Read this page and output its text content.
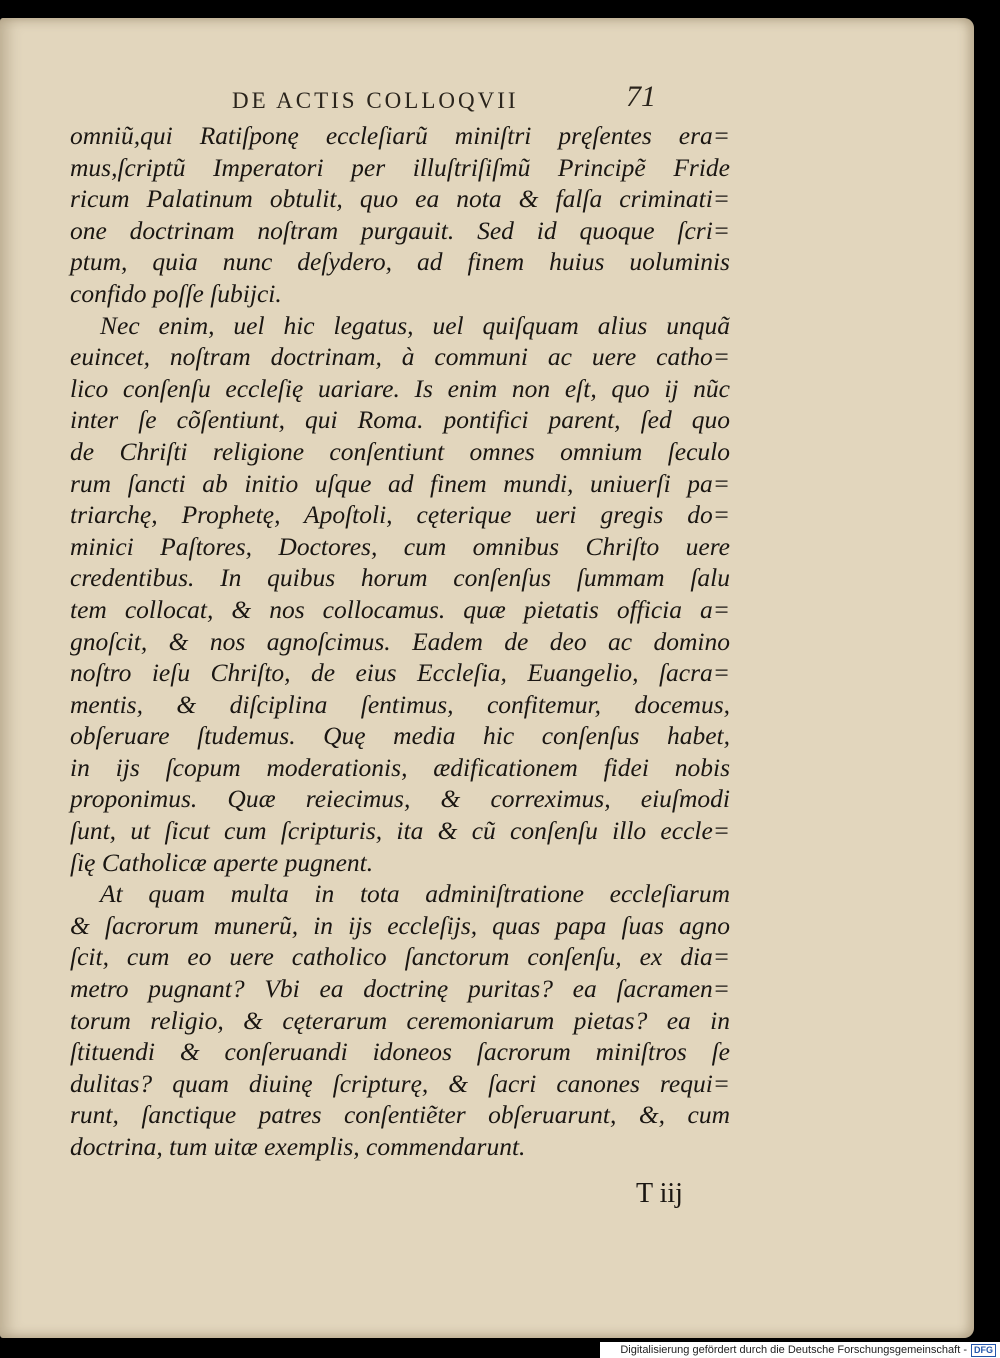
DE ACTIS COLLOQVII	71
omniũ,qui Ratiſponę eccleſiarũ miniſtri pręſentes era=
mus,ſcriptũ Imperatori per illuſtriſiſmũ Principẽ Fride
ricum Palatinum obtulit, quo ea nota & falſa criminati=
one doctrinam noſtram purgauit. Sed id quoque ſcri=
ptum, quia nunc deſydero, ad finem huius uoluminis
confido poſſe ſubijci.
Nec enim, uel hic legatus, uel quiſquam alius unquã
euincet, noſtram doctrinam, à communi ac uere catho=
lico conſenſu eccleſię uariare. Is enim non eſt, quo ij nũc
inter ſe cõſentiunt, qui Roma. pontifici parent, ſed quo
de Chriſti religione conſentiunt omnes omnium ſeculo
rum ſancti ab initio uſque ad finem mundi, uniuerſi pa=
triarchę, Prophetę, Apoſtoli, cęterique ueri gregis do=
minici Paſtores, Doctores, cum omnibus Chriſto uere
credentibus. In quibus horum conſenſus ſummam ſalu
tem collocat, & nos collocamus. quæ pietatis officia a=
gnoſcit, & nos agnoſcimus. Eadem de deo ac domino
noſtro ieſu Chriſto, de eius Eccleſia, Euangelio, ſacra=
mentis, & diſciplina ſentimus, confitemur, docemus,
obſeruare ſtudemus. Quę media hic conſenſus habet,
in ijs ſcopum moderationis, ædificationem fidei nobis
proponimus. Quæ reiecimus, & correximus, eiuſmodi
ſunt, ut ſicut cum ſcripturis, ita & cũ conſenſu illo eccle=
ſię Catholicæ aperte pugnent.
At quam multa in tota adminiſtratione eccleſiarum
& ſacrorum munerũ, in ijs eccleſijs, quas papa ſuas agno
ſcit, cum eo uere catholico ſanctorum conſenſu, ex dia=
metro pugnant? Vbi ea doctrinę puritas? ea ſacramen=
torum religio, & cęterarum ceremoniarum pietas? ea in
ſtituendi & conſeruandi idoneos ſacrorum miniſtros ſe
dulitas? quam diuinę ſcripturę, & ſacri canones requi=
runt, ſanctique patres conſentiẽter obſeruarunt, &, cum
doctrina, tum uitæ exemplis, commendarunt.
T iij
Digitalisierung gefördert durch die Deutsche Forschungsgemeinschaft - DFG
